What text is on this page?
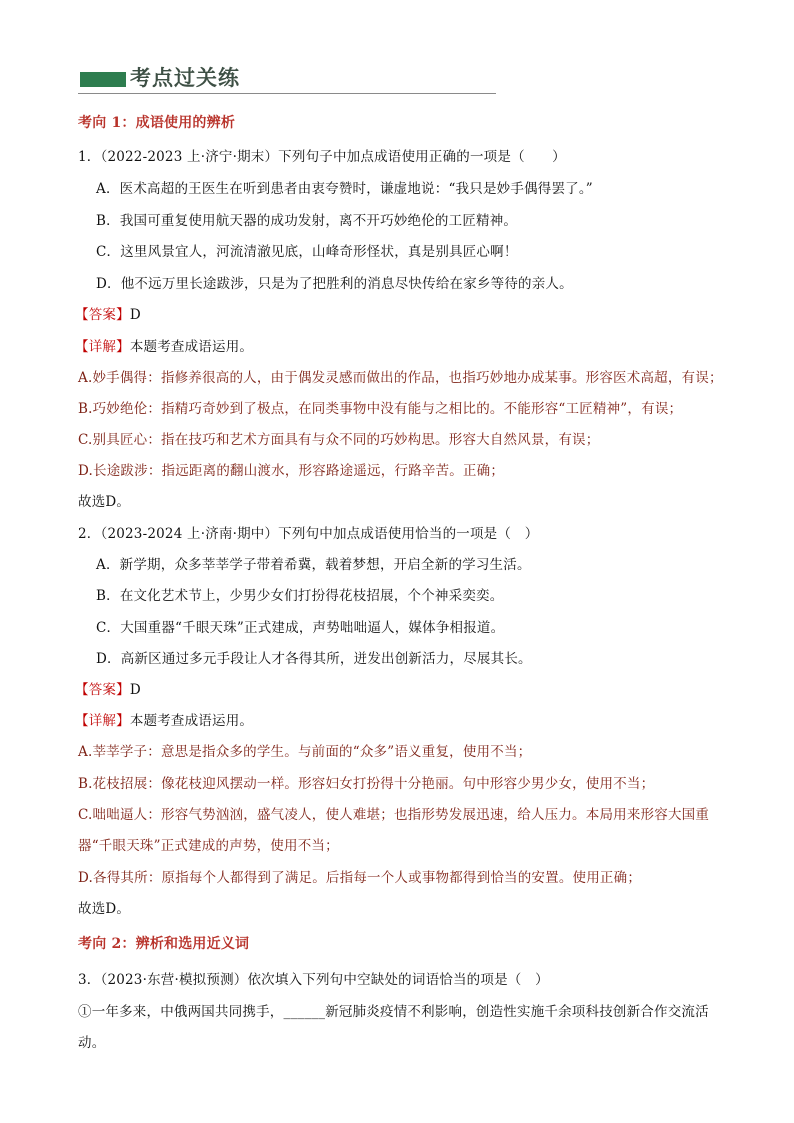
考点过关练
考向 1：成语使用的辨析
1．（2022-2023 上·济宁·期末）下列句子中加点成语使用正确的一项是（　　）
A．医术高超的王医生在听到患者由衷夸赞时，谦虚地说：“我只是妙手偶得罢了。”
B．我国可重复使用航天器的成功发射，离不开巧妙绝伦的工匠精神。
C．这里风景宜人，河流清澈见底，山峰奇形怪状，真是别具匠心啊！
D．他不远万里长途跋涉，只是为了把胜利的消息尽快传给在家乡等待的亲人。
【答案】D
【详解】本题考查成语运用。
A.妙手偶得：指修养很高的人，由于偶发灵感而做出的作品，也指巧妙地办成某事。形容医术高超，有误；
B.巧妙绝伦：指精巧奇妙到了极点，在同类事物中没有能与之相比的。不能形容“工匠精神”，有误；
C.别具匠心：指在技巧和艺术方面具有与众不同的巧妙构思。形容大自然风景，有误；
D.长途跋涉：指远距离的翻山渡水，形容路途遥远，行路辛苦。正确；
故选D。
2．（2023-2024 上·济南·期中）下列句中加点成语使用恰当的一项是（　）
A．新学期，众多莘莘学子带着希冀，载着梦想，开启全新的学习生活。
B．在文化艺术节上，少男少女们打扮得花枝招展，个个神采奕奕。
C．大国重器“千眼天珠”正式建成，声势咄咄逼人，媒体争相报道。
D．高新区通过多元手段让人才各得其所，迸发出创新活力，尽展其长。
【答案】D
【详解】本题考查成语运用。
A.莘莘学子：意思是指众多的学生。与前面的“众多”语义重复，使用不当；
B.花枝招展：像花枝迎风摆动一样。形容妇女打扮得十分艳丽。句中形容少男少女，使用不当；
C.咄咄逼人：形容气势汹汹，盛气凌人，使人难堪；也指形势发展迅速，给人压力。本局用来形容大国重
器“千眼天珠”正式建成的声势，使用不当；
D.各得其所：原指每个人都得到了满足。后指每一个人或事物都得到恰当的安置。使用正确；
故选D。
考向 2：辨析和选用近义词
3．（2023·东营·模拟预测）依次填入下列句中空缺处的词语恰当的项是（　）
①一年多来，中俄两国共同携手，______新冠肺炎疫情不利影响，创造性实施千余项科技创新合作交流活
动。
